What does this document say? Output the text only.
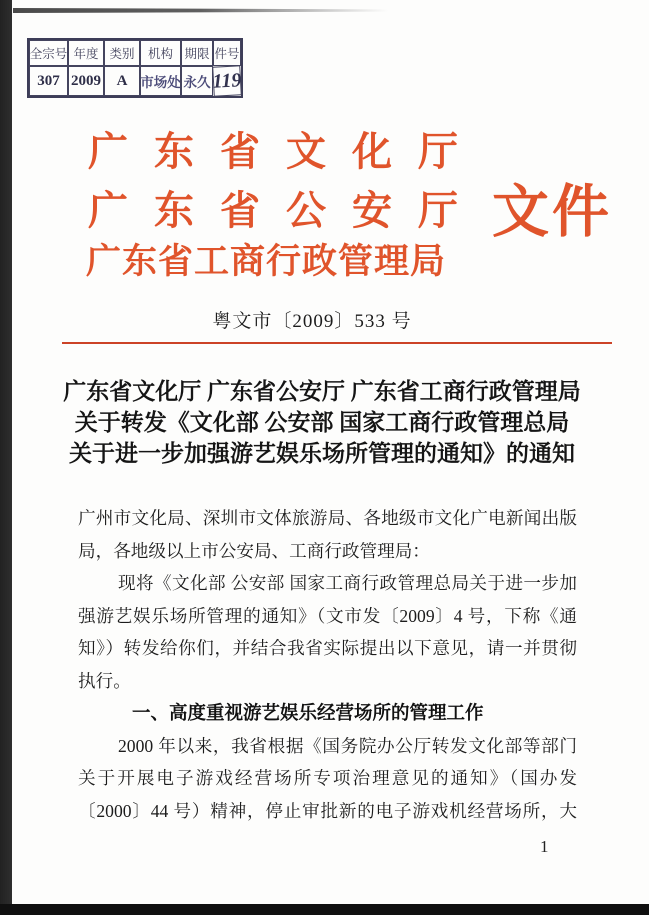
全宗号 年度 类别	机构 期限 件号
307 2009	A 市场处 永久 119
广东省文化厅
广东省公安厅 文件
广东省工商行政管理局
粤文市〔2009〕533 号
广东省文化厅 广东省公安厅 广东省工商行政管理局
关于转发《文化部 公安部 国家工商行政管理总局
关于进一步加强游艺娱乐场所管理的通知》的通知
广州市文化局、深圳市文体旅游局、各地级市文化广电新闻出版
局，各地级以上市公安局、工商行政管理局：
现将《文化部 公安部 国家工商行政管理总局关于进一步加
强游艺娱乐场所管理的通知》（文市发〔2009〕4 号，下称《通
知》）转发给你们，并结合我省实际提出以下意见，请一并贯彻
执行。
一、高度重视游艺娱乐经营场所的管理工作
2000 年以来，我省根据《国务院办公厅转发文化部等部门
关于开展电子游戏经营场所专项治理意见的通知》（国办发
〔2000〕44 号）精神，停止审批新的电子游戏机经营场所，大
1
